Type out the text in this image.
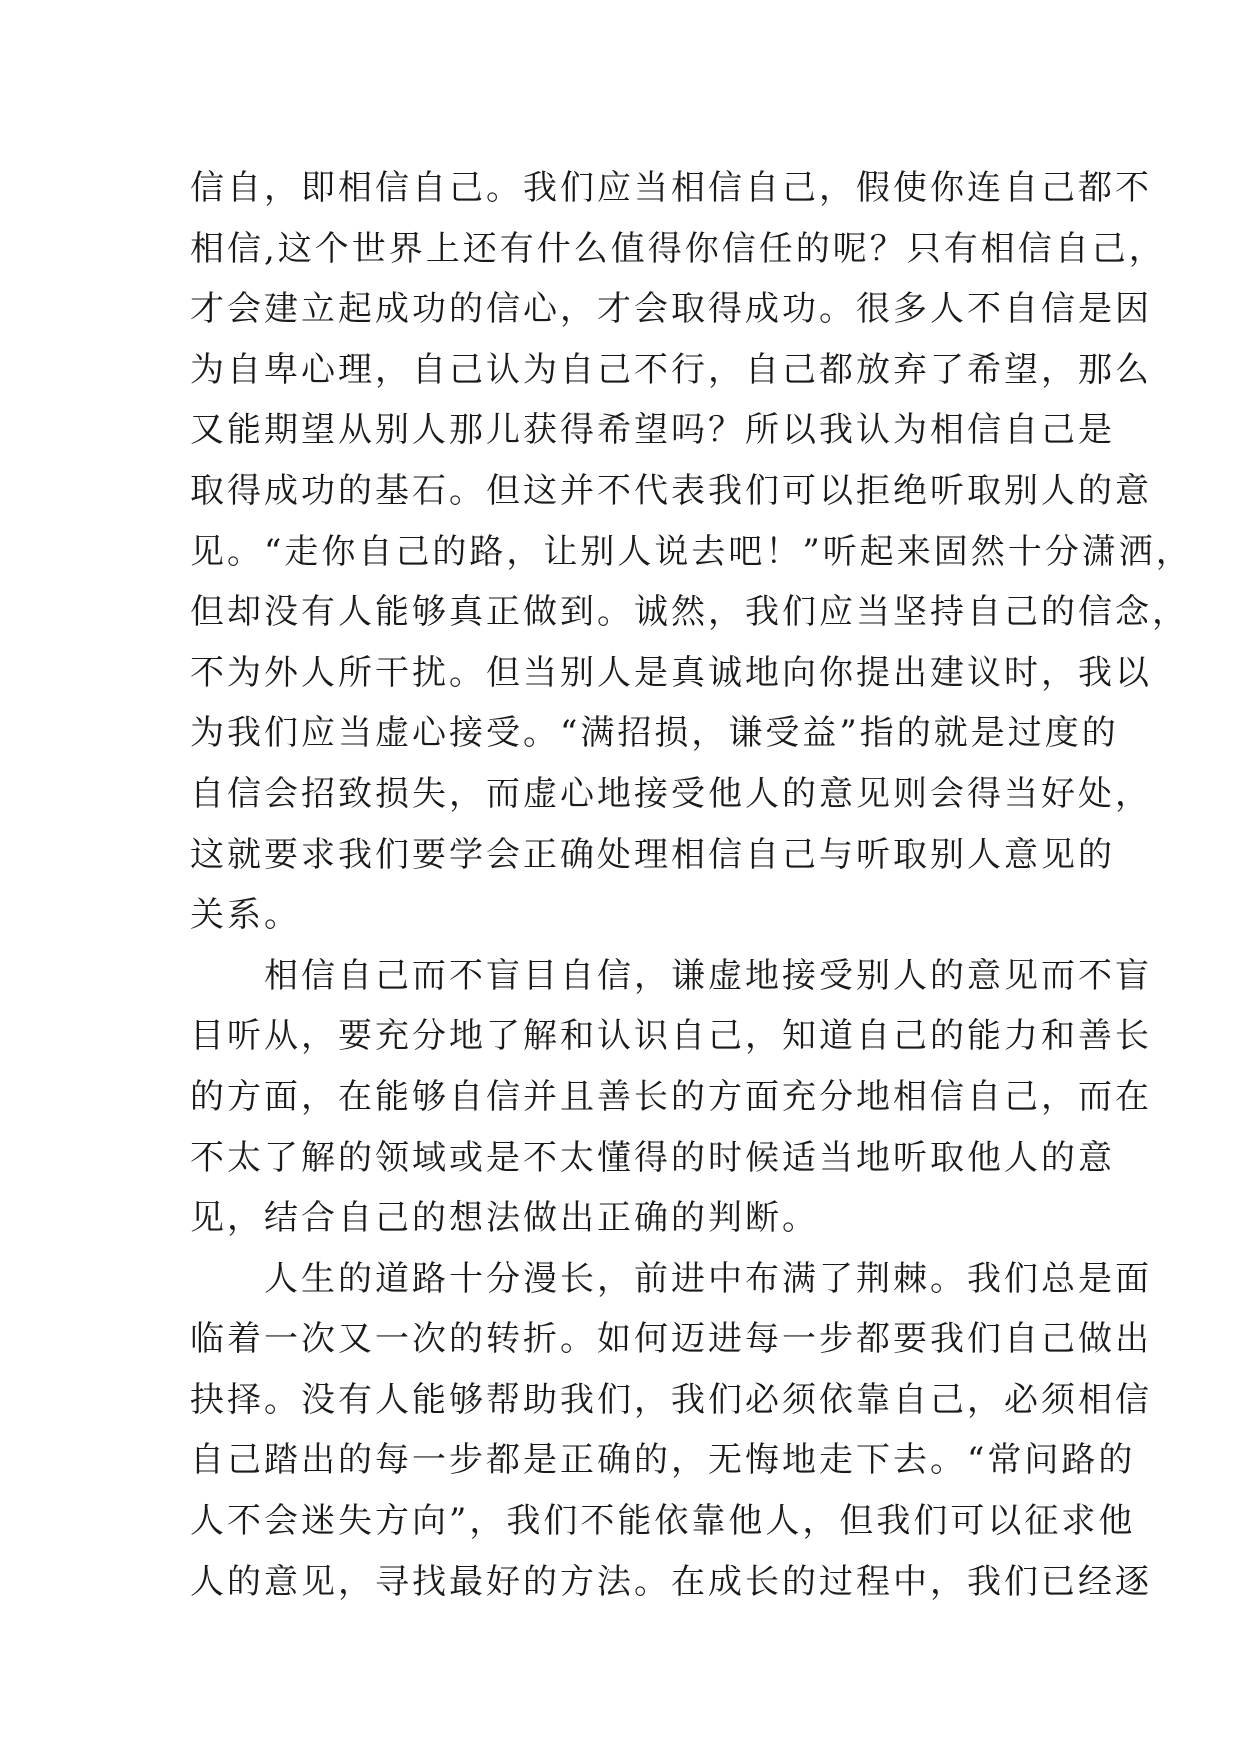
信自，即相信自己。我们应当相信自己，假使你连自己都不
相信,这个世界上还有什么值得你信任的呢？只有相信自己，
才会建立起成功的信心，才会取得成功。很多人不自信是因
为自卑心理，自己认为自己不行，自己都放弃了希望，那么
又能期望从别人那儿获得希望吗？所以我认为相信自己是
取得成功的基石。但这并不代表我们可以拒绝听取别人的意
见。“走你自己的路，让别人说去吧！”听起来固然十分潇洒，
但却没有人能够真正做到。诚然，我们应当坚持自己的信念，
不为外人所干扰。但当别人是真诚地向你提出建议时，我以
为我们应当虚心接受。“满招损，谦受益”指的就是过度的
自信会招致损失，而虚心地接受他人的意见则会得当好处，
这就要求我们要学会正确处理相信自己与听取别人意见的
关系。
　　相信自己而不盲目自信，谦虚地接受别人的意见而不盲
目听从，要充分地了解和认识自己，知道自己的能力和善长
的方面，在能够自信并且善长的方面充分地相信自己，而在
不太了解的领域或是不太懂得的时候适当地听取他人的意
见，结合自己的想法做出正确的判断。
　　人生的道路十分漫长，前进中布满了荆棘。我们总是面
临着一次又一次的转折。如何迈进每一步都要我们自己做出
抉择。没有人能够帮助我们，我们必须依靠自己，必须相信
自己踏出的每一步都是正确的，无悔地走下去。“常问路的
人不会迷失方向”，我们不能依靠他人，但我们可以征求他
人的意见，寻找最好的方法。在成长的过程中，我们已经逐
